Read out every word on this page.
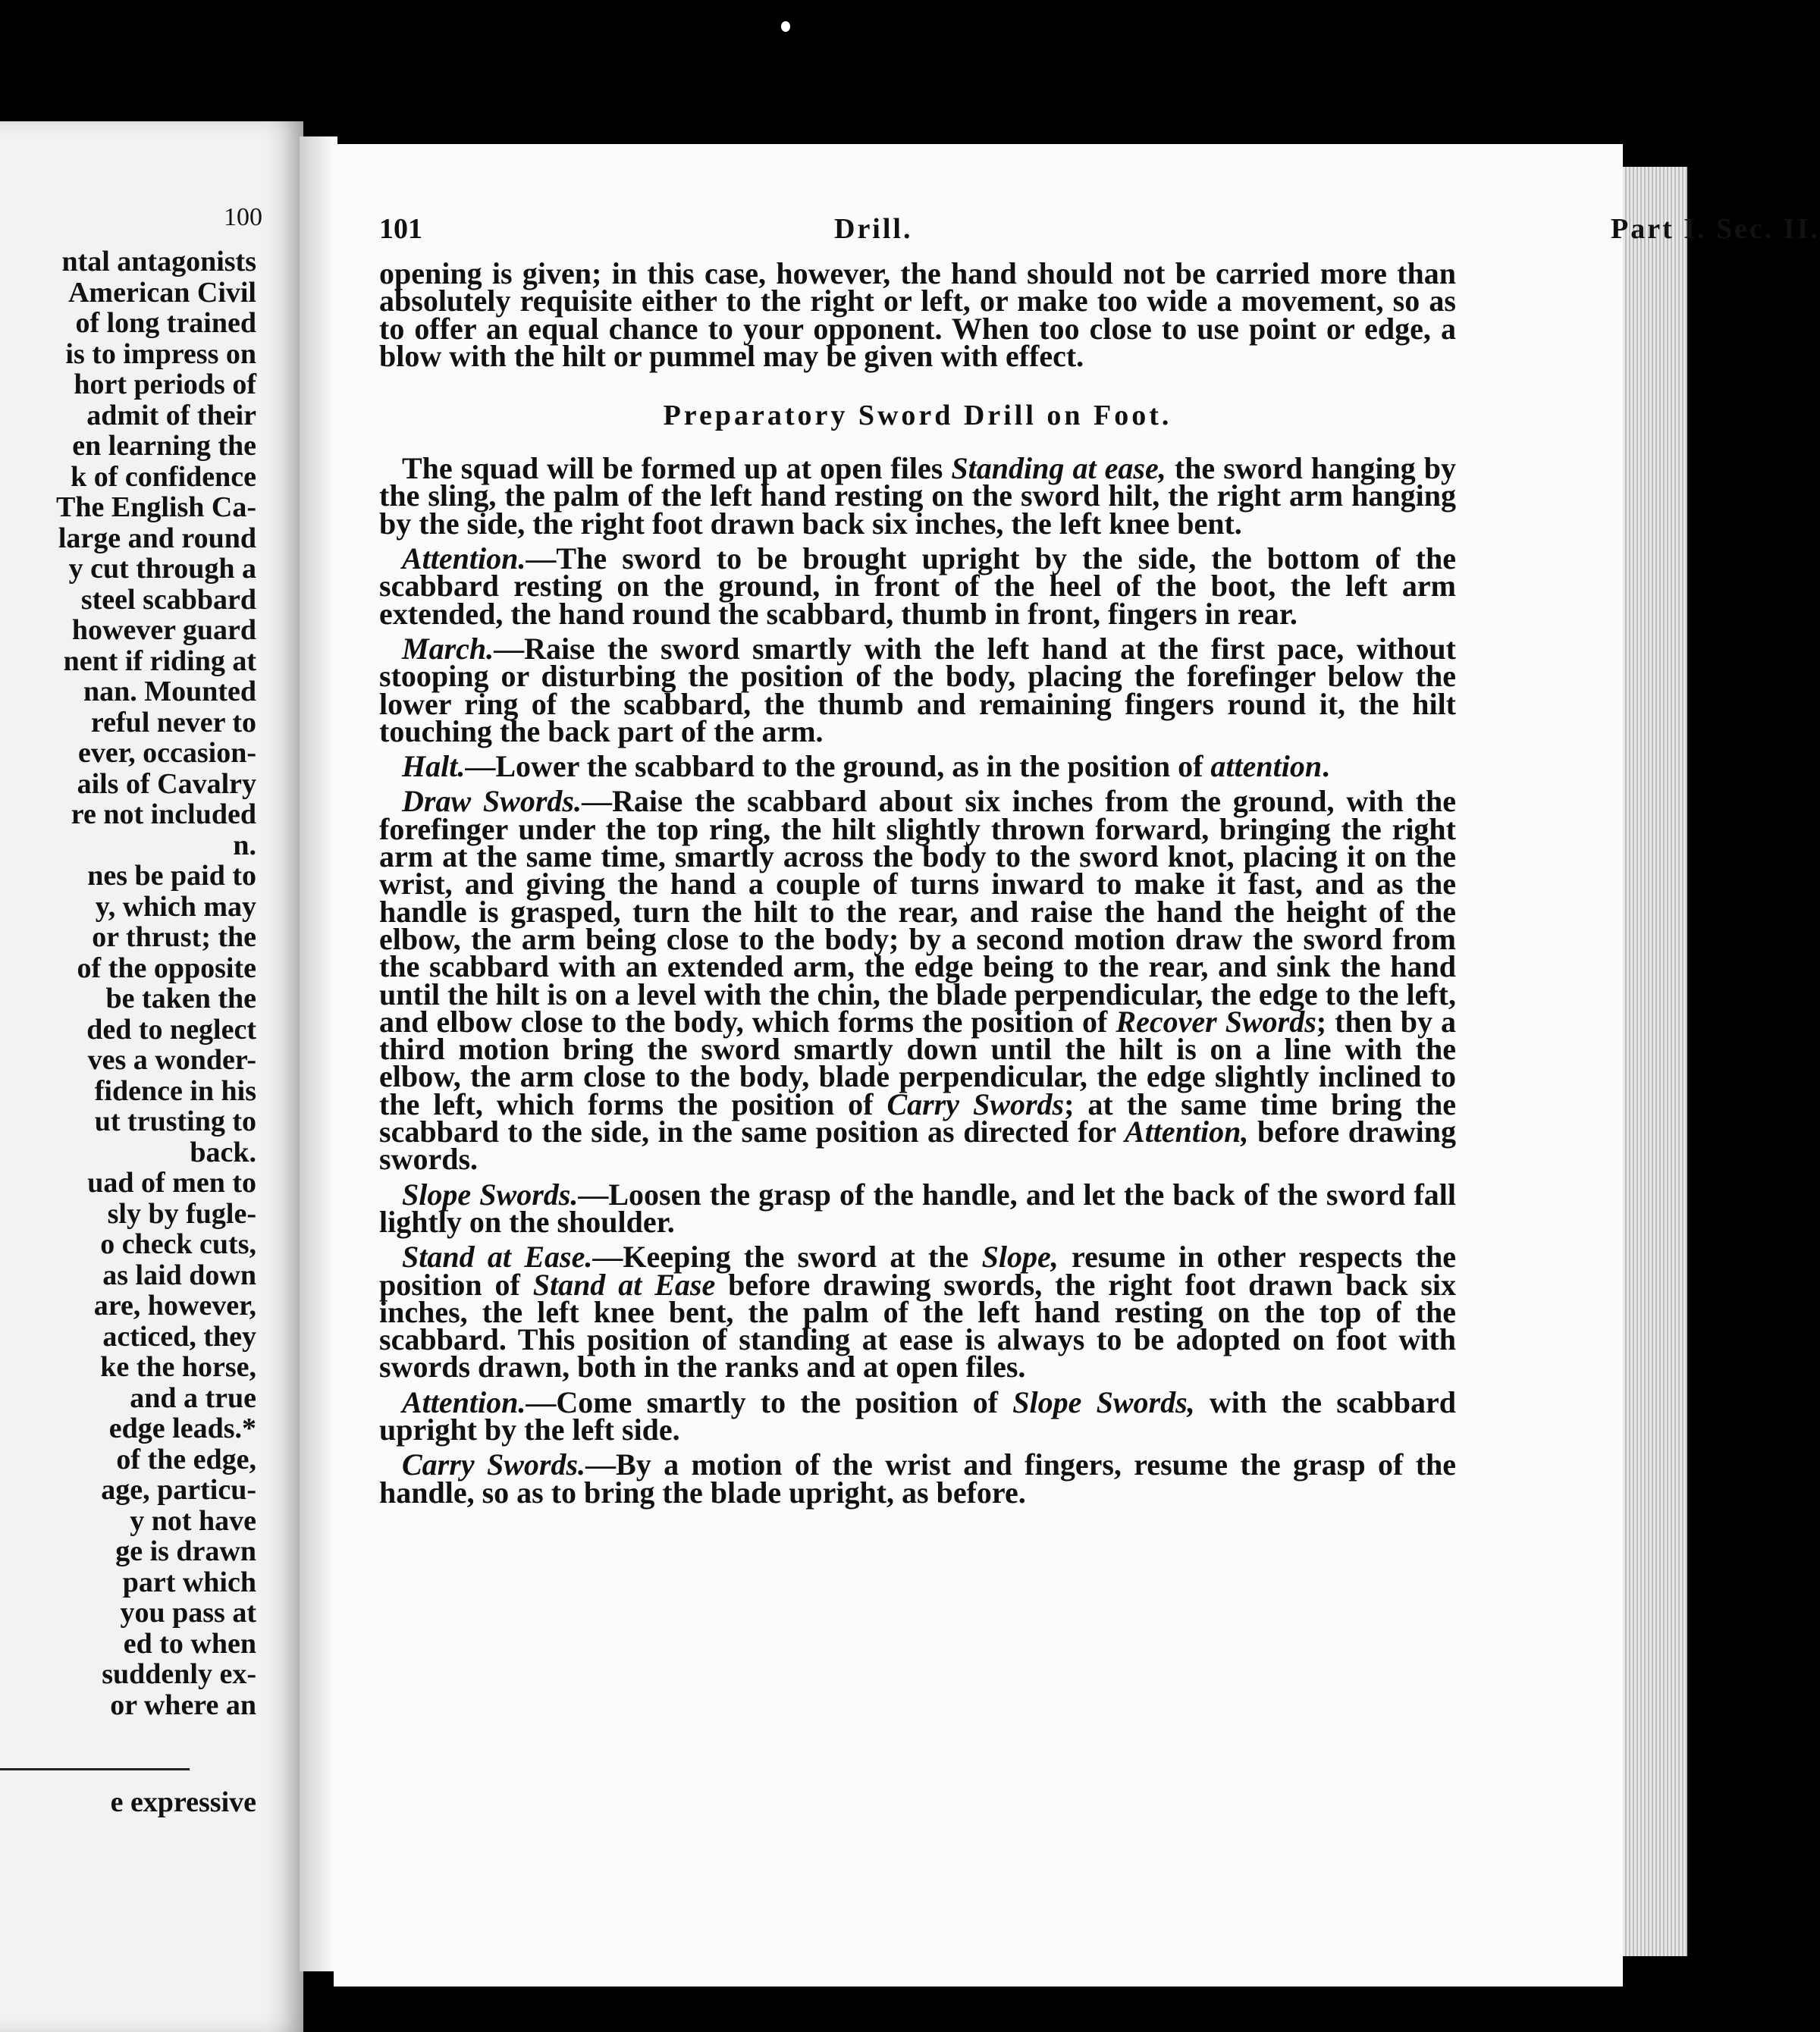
100
ntal antagonists
American Civil
of long trained
is to impress on
hort periods of
admit of their
en learning the
k of confidence
The English Ca-
large and round
y cut through a
steel scabbard
however guard
nent if riding at
nan. Mounted
reful never to
ever, occasion-
ails of Cavalry
re not included
n.
nes be paid to
y, which may
or thrust; the
of the opposite
be taken the
ded to neglect
ves a wonder-
fidence in his
ut trusting to
back.
uad of men to
sly by fugle-
o check cuts,
as laid down
are, however,
acticed, they
ke the horse,
and a true
edge leads.*
of the edge,
age, particu-
y not have
ge is drawn
part which
you pass at
ed to when
suddenly ex-
or where an
e expressive
101	Drill.	Part I. Sec. II.

opening is given; in this case, however, the hand should not be carried more than absolutely requisite either to the right or left, or make too wide a movement, so as to offer an equal chance to your opponent. When too close to use point or edge, a blow with the hilt or pummel may be given with effect.

Preparatory Sword Drill on Foot.

The squad will be formed up at open files Standing at ease, the sword hanging by the sling, the palm of the left hand resting on the sword hilt, the right arm hanging by the side, the right foot drawn back six inches, the left knee bent.

Attention.—The sword to be brought upright by the side, the bottom of the scabbard resting on the ground, in front of the heel of the boot, the left arm extended, the hand round the scabbard, thumb in front, fingers in rear.

March.—Raise the sword smartly with the left hand at the first pace, without stooping or disturbing the position of the body, placing the forefinger below the lower ring of the scabbard, the thumb and remaining fingers round it, the hilt touching the back part of the arm.

Halt.—Lower the scabbard to the ground, as in the position of attention.

Draw Swords.—Raise the scabbard about six inches from the ground, with the forefinger under the top ring, the hilt slightly thrown forward, bringing the right arm at the same time, smartly across the body to the sword knot, placing it on the wrist, and giving the hand a couple of turns inward to make it fast, and as the handle is grasped, turn the hilt to the rear, and raise the hand the height of the elbow, the arm being close to the body; by a second motion draw the sword from the scabbard with an extended arm, the edge being to the rear, and sink the hand until the hilt is on a level with the chin, the blade perpendicular, the edge to the left, and elbow close to the body, which forms the position of Recover Swords; then by a third motion bring the sword smartly down until the hilt is on a line with the elbow, the arm close to the body, blade perpendicular, the edge slightly inclined to the left, which forms the position of Carry Swords; at the same time bring the scabbard to the side, in the same position as directed for Attention, before drawing swords.

Slope Swords.—Loosen the grasp of the handle, and let the back of the sword fall lightly on the shoulder.

Stand at Ease.—Keeping the sword at the Slope, resume in other respects the position of Stand at Ease before drawing swords, the right foot drawn back six inches, the left knee bent, the palm of the left hand resting on the top of the scabbard. This position of standing at ease is always to be adopted on foot with swords drawn, both in the ranks and at open files.

Attention.—Come smartly to the position of Slope Swords, with the scabbard upright by the left side.

Carry Swords.—By a motion of the wrist and fingers, resume the grasp of the handle, so as to bring the blade upright, as before.
